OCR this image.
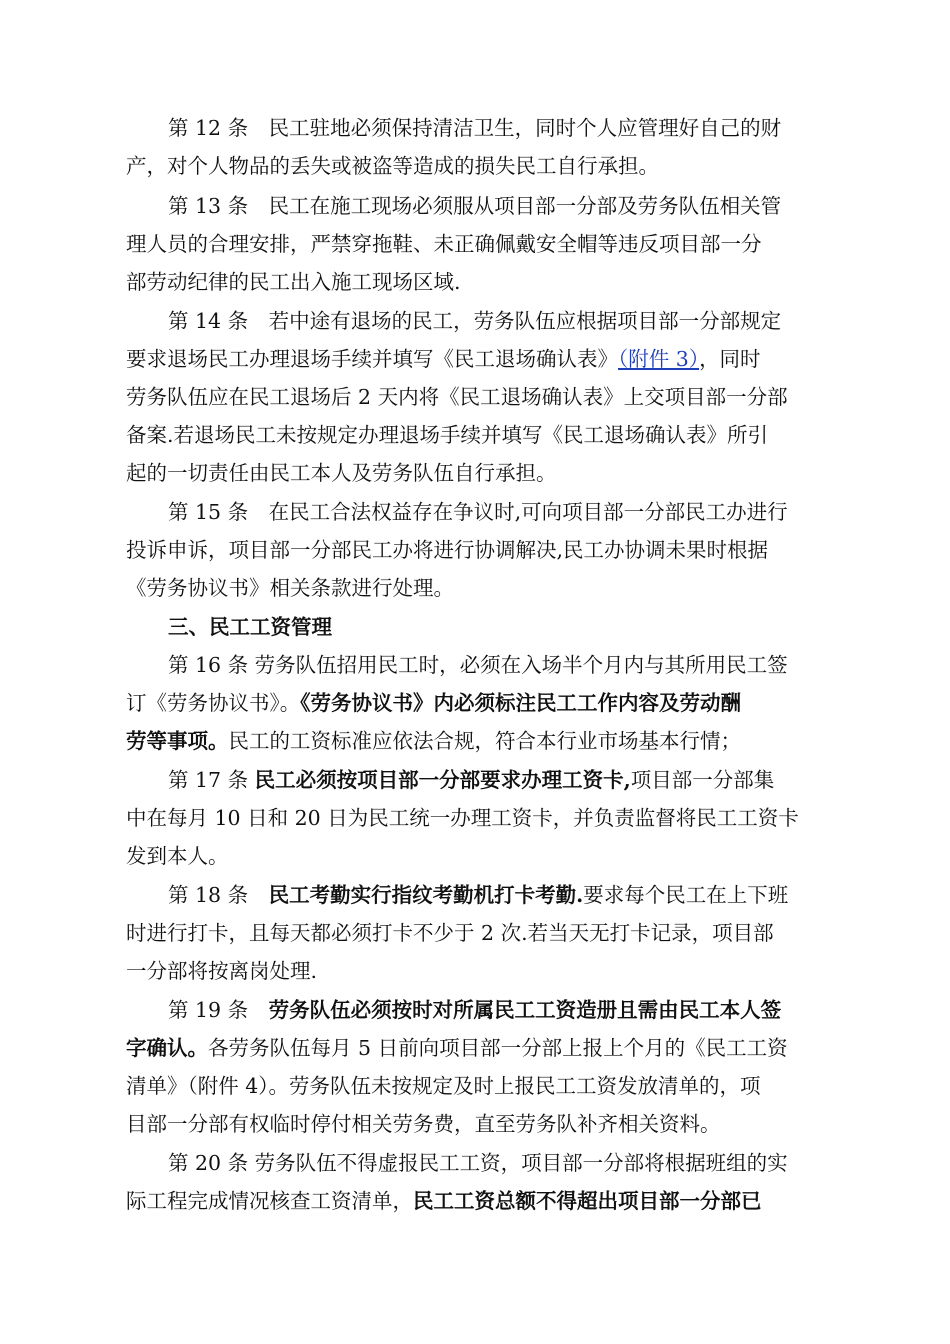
第 12 条　民工驻地必须保持清洁卫生，同时个人应管理好自己的财
产，对个人物品的丢失或被盗等造成的损失民工自行承担。
第 13 条　民工在施工现场必须服从项目部一分部及劳务队伍相关管
理人员的合理安排，严禁穿拖鞋、未正确佩戴安全帽等违反项目部一分
部劳动纪律的民工出入施工现场区域.
第 14 条　若中途有退场的民工，劳务队伍应根据项目部一分部规定
要求退场民工办理退场手续并填写《民工退场确认表》（附件 3），同时
劳务队伍应在民工退场后 2 天内将《民工退场确认表》上交项目部一分部
备案.若退场民工未按规定办理退场手续并填写《民工退场确认表》所引
起的一切责任由民工本人及劳务队伍自行承担。
第 15 条　在民工合法权益存在争议时,可向项目部一分部民工办进行
投诉申诉，项目部一分部民工办将进行协调解决,民工办协调未果时根据
《劳务协议书》相关条款进行处理。
三、民工工资管理
第 16 条 劳务队伍招用民工时，必须在入场半个月内与其所用民工签
订《劳务协议书》。《劳务协议书》内必须标注民工工作内容及劳动酬
劳等事项。民工的工资标准应依法合规，符合本行业市场基本行情；
第 17 条 民工必须按项目部一分部要求办理工资卡,项目部一分部集
中在每月 10 日和 20 日为民工统一办理工资卡，并负责监督将民工工资卡
发到本人。
第 18 条　民工考勤实行指纹考勤机打卡考勤.要求每个民工在上下班
时进行打卡，且每天都必须打卡不少于 2 次.若当天无打卡记录，项目部
一分部将按离岗处理.
第 19 条　劳务队伍必须按时对所属民工工资造册且需由民工本人签
字确认。各劳务队伍每月 5 日前向项目部一分部上报上个月的《民工工资
清单》（附件 4）。劳务队伍未按规定及时上报民工工资发放清单的，项
目部一分部有权临时停付相关劳务费，直至劳务队补齐相关资料。
第 20 条 劳务队伍不得虚报民工工资，项目部一分部将根据班组的实
际工程完成情况核查工资清单，民工工资总额不得超出项目部一分部已
